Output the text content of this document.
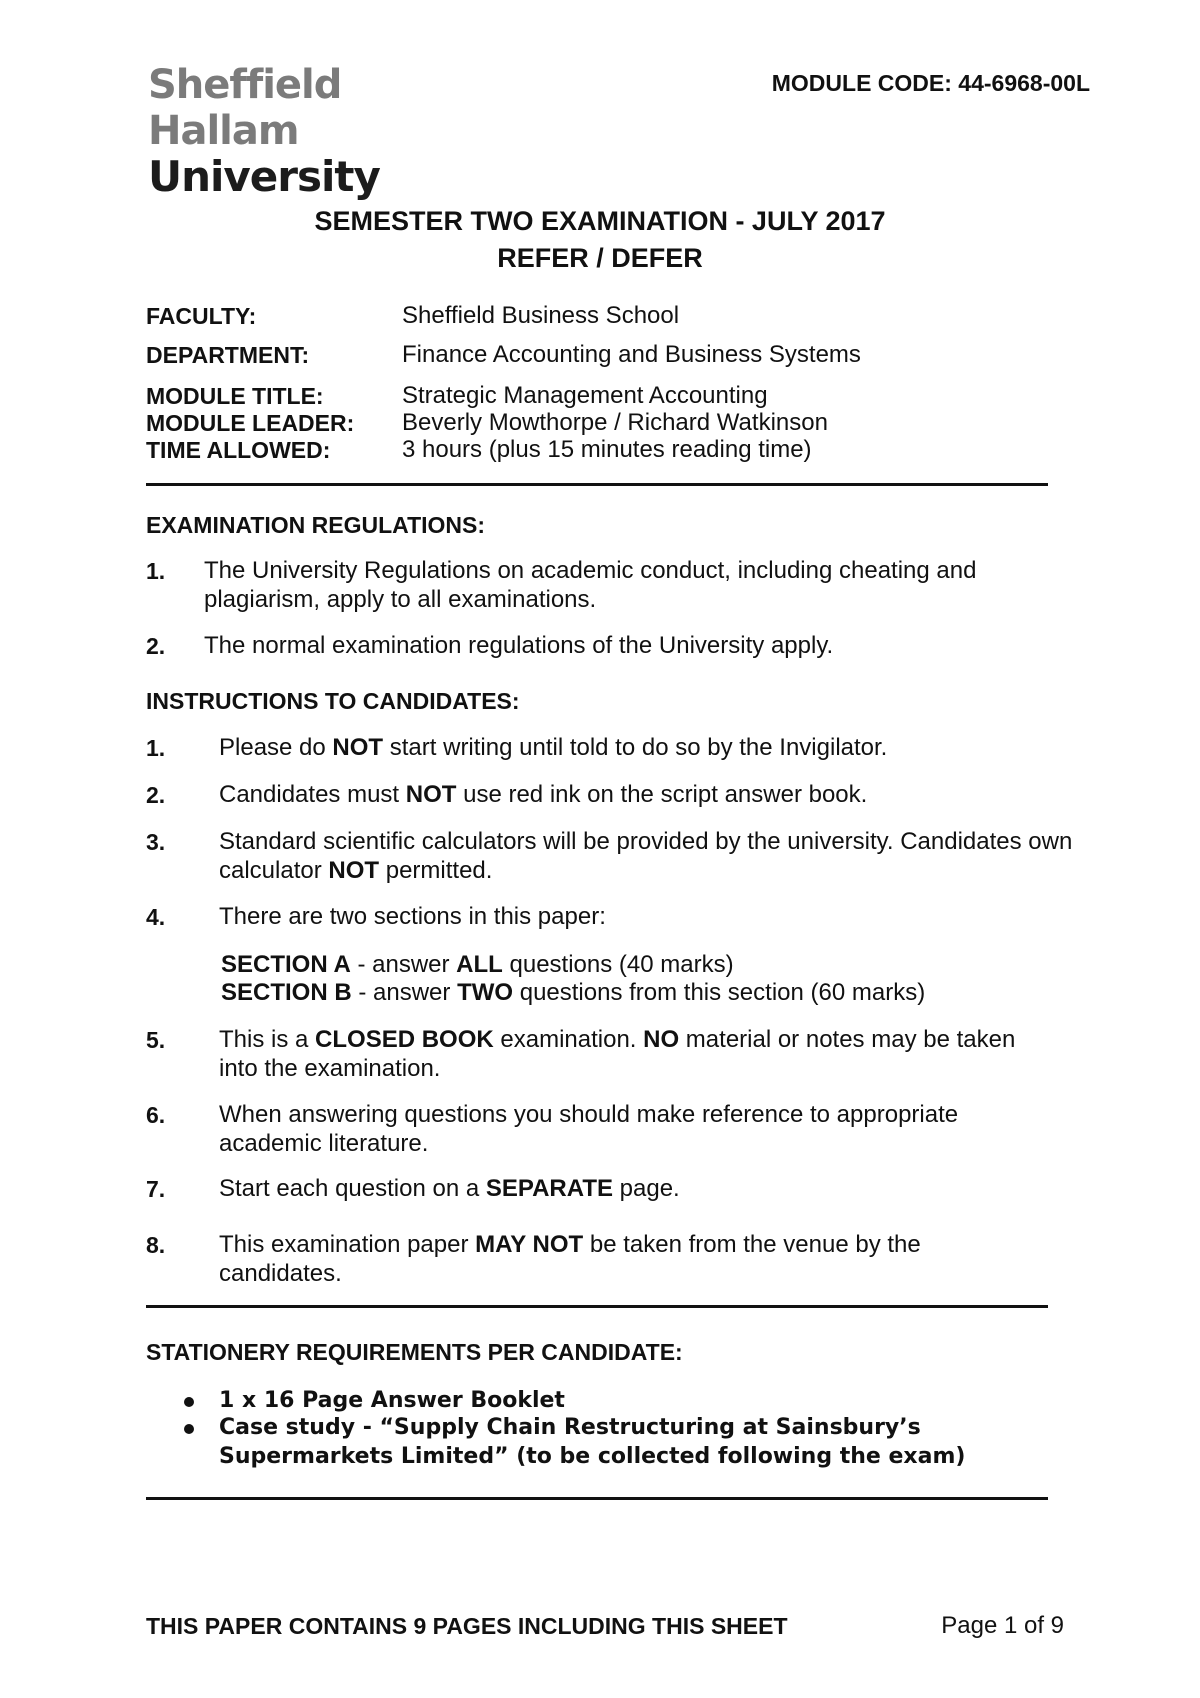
Sheffield
Hallam
University
MODULE CODE: 44-6968-00L
SEMESTER TWO EXAMINATION - JULY 2017
REFER / DEFER
FACULTY:	Sheffield Business School
DEPARTMENT:	Finance Accounting and Business Systems
MODULE TITLE:	Strategic Management Accounting
MODULE LEADER: Beverly Mowthorpe / Richard Watkinson
TIME ALLOWED:	3 hours (plus 15 minutes reading time)
EXAMINATION REGULATIONS:
1. The University Regulations on academic conduct, including cheating and plagiarism, apply to all examinations.
2. The normal examination regulations of the University apply.
INSTRUCTIONS TO CANDIDATES:
1. Please do NOT start writing until told to do so by the Invigilator.
2. Candidates must NOT use red ink on the script answer book.
3. Standard scientific calculators will be provided by the university. Candidates own calculator NOT permitted.
4. There are two sections in this paper:
SECTION A - answer ALL questions (40 marks)
SECTION B - answer TWO questions from this section (60 marks)
5. This is a CLOSED BOOK examination. NO material or notes may be taken into the examination.
6. When answering questions you should make reference to appropriate academic literature.
7. Start each question on a SEPARATE page.
8. This examination paper MAY NOT be taken from the venue by the candidates.
STATIONERY REQUIREMENTS PER CANDIDATE:
1 x 16 Page Answer Booklet
Case study - “Supply Chain Restructuring at Sainsbury’s Supermarkets Limited” (to be collected following the exam)
THIS PAPER CONTAINS 9 PAGES INCLUDING THIS SHEET	Page 1 of 9
